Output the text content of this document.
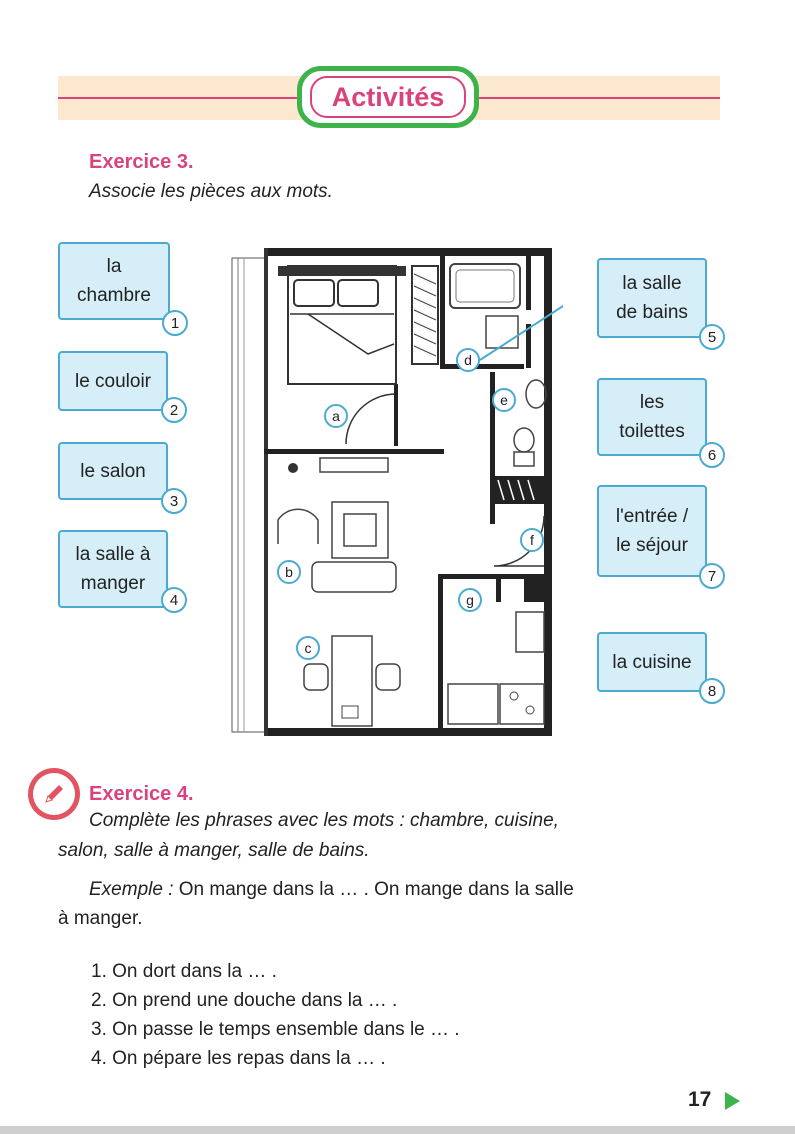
Activités
Exercice 3.
Associe les pièces aux mots.
la
chambre
1
le couloir
2
le salon
3
la salle à
manger
4
la salle
de bains
5
les
toilettes
6
l'entrée /
le séjour
7
la cuisine
8
a
b
c
d
e
f
g
Exercice 4.
Complète les phrases avec les mots : chambre, cuisine,
salon, salle à manger, salle de bains.
Exemple : On mange dans la … . On mange dans la salle
à manger.
1. On dort dans la … .
2. On prend une douche dans la … .
3. On passe le temps ensemble dans le … .
4. On pépare les repas dans la … .
17
